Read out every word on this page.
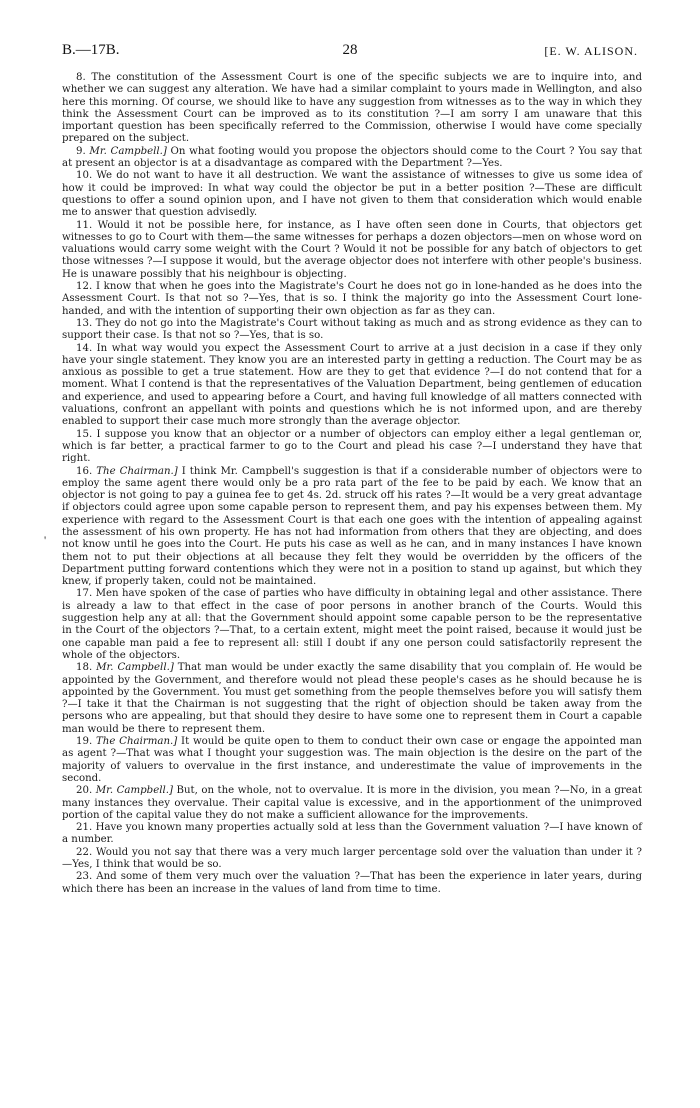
B.—17B.	28	[E. W. ALISON.
'

8. The constitution of the Assessment Court is one of the specific subjects we are to inquire into, and whether we can suggest any alteration. We have had a similar complaint to yours made in Wellington, and also here this morning. Of course, we should like to have any suggestion from witnesses as to the way in which they think the Assessment Court can be improved as to its constitution ?—I am sorry I am unaware that this important question has been specifically referred to the Commission, otherwise I would have come specially prepared on the subject.

9. Mr. Campbell.] On what footing would you propose the objectors should come to the Court ? You say that at present an objector is at a disadvantage as compared with the Department ?—Yes.

10. We do not want to have it all destruction. We want the assistance of witnesses to give us some idea of how it could be improved: In what way could the objector be put in a better position ?—These are difficult questions to offer a sound opinion upon, and I have not given to them that consideration which would enable me to answer that question advisedly.

11. Would it not be possible here, for instance, as I have often seen done in Courts, that objectors get witnesses to go to Court with them—the same witnesses for perhaps a dozen objectors—men on whose word on valuations would carry some weight with the Court ? Would it not be possible for any batch of objectors to get those witnesses ?—I suppose it would, but the average objector does not interfere with other people's business. He is unaware possibly that his neighbour is objecting.

12. I know that when he goes into the Magistrate's Court he does not go in lone-handed as he does into the Assessment Court. Is that not so ?—Yes, that is so. I think the majority go into the Assessment Court lone-handed, and with the intention of supporting their own objection as far as they can.

13. They do not go into the Magistrate's Court without taking as much and as strong evidence as they can to support their case. Is that not so ?—Yes, that is so.

14. In what way would you expect the Assessment Court to arrive at a just decision in a case if they only have your single statement. They know you are an interested party in getting a reduction. The Court may be as anxious as possible to get a true statement. How are they to get that evidence ?—I do not contend that for a moment. What I contend is that the representatives of the Valuation Department, being gentlemen of education and experience, and used to appearing before a Court, and having full knowledge of all matters connected with valuations, confront an appellant with points and questions which he is not informed upon, and are thereby enabled to support their case much more strongly than the average objector.

15. I suppose you know that an objector or a number of objectors can employ either a legal gentleman or, which is far better, a practical farmer to go to the Court and plead his case ?—I understand they have that right.

16. The Chairman.] I think Mr. Campbell's suggestion is that if a considerable number of objectors were to employ the same agent there would only be a pro rata part of the fee to be paid by each. We know that an objector is not going to pay a guinea fee to get 4s. 2d. struck off his rates ?—It would be a very great advantage if objectors could agree upon some capable person to represent them, and pay his expenses between them. My experience with regard to the Assessment Court is that each one goes with the intention of appealing against the assessment of his own property. He has not had information from others that they are objecting, and does not know until he goes into the Court. He puts his case as well as he can, and in many instances I have known them not to put their objections at all because they felt they would be overridden by the officers of the Department putting forward contentions which they were not in a position to stand up against, but which they knew, if properly taken, could not be maintained.

17. Men have spoken of the case of parties who have difficulty in obtaining legal and other assistance. There is already a law to that effect in the case of poor persons in another branch of the Courts. Would this suggestion help any at all: that the Government should appoint some capable person to be the representative in the Court of the objectors ?—That, to a certain extent, might meet the point raised, because it would just be one capable man paid a fee to represent all: still I doubt if any one person could satisfactorily represent the whole of the objectors.

18. Mr. Campbell.] That man would be under exactly the same disability that you complain of. He would be appointed by the Government, and therefore would not plead these people's cases as he should because he is appointed by the Government. You must get something from the people themselves before you will satisfy them ?—I take it that the Chairman is not suggesting that the right of objection should be taken away from the persons who are appealing, but that should they desire to have some one to represent them in Court a capable man would be there to represent them.

19. The Chairman.] It would be quite open to them to conduct their own case or engage the appointed man as agent ?—That was what I thought your suggestion was. The main objection is the desire on the part of the majority of valuers to overvalue in the first instance, and underestimate the value of improvements in the second.

20. Mr. Campbell.] But, on the whole, not to overvalue. It is more in the division, you mean ?—No, in a great many instances they overvalue. Their capital value is excessive, and in the apportionment of the unimproved portion of the capital value they do not make a sufficient allowance for the improvements.

21. Have you known many properties actually sold at less than the Government valuation ?—I have known of a number.

22. Would you not say that there was a very much larger percentage sold over the valuation than under it ?—Yes, I think that would be so.

23. And some of them very much over the valuation ?—That has been the experience in later years, during which there has been an increase in the values of land from time to time.
